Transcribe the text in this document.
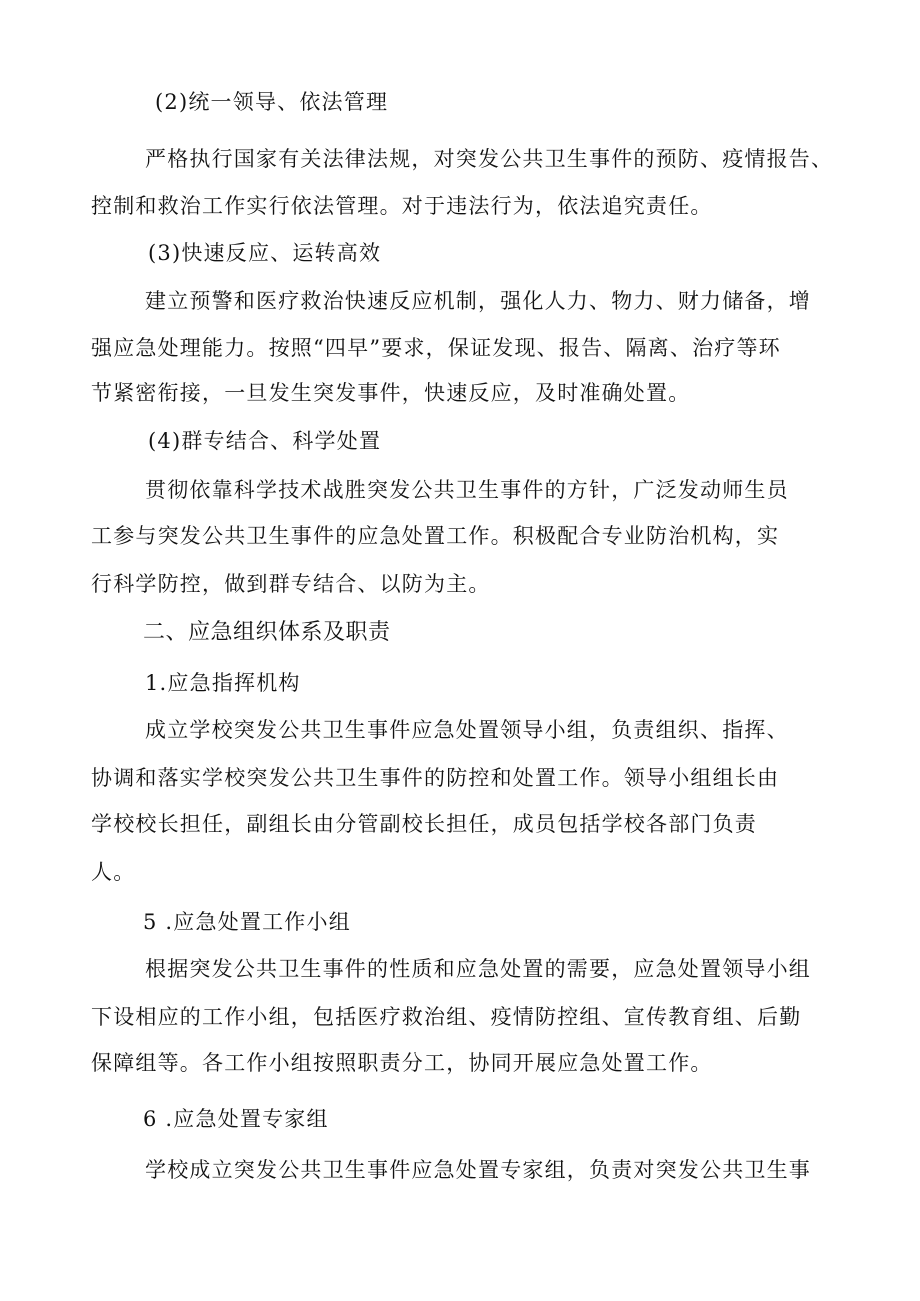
(2)统一领导、依法管理
严格执行国家有关法律法规，对突发公共卫生事件的预防、疫情报告、
控制和救治工作实行依法管理。对于违法行为，依法追究责任。
(3)快速反应、运转高效
建立预警和医疗救治快速反应机制，强化人力、物力、财力储备，增
强应急处理能力。按照“四早”要求，保证发现、报告、隔离、治疗等环
节紧密衔接，一旦发生突发事件，快速反应，及时准确处置。
(4)群专结合、科学处置
贯彻依靠科学技术战胜突发公共卫生事件的方针，广泛发动师生员
工参与突发公共卫生事件的应急处置工作。积极配合专业防治机构，实
行科学防控，做到群专结合、以防为主。
二、应急组织体系及职责
1.应急指挥机构
成立学校突发公共卫生事件应急处置领导小组，负责组织、指挥、
协调和落实学校突发公共卫生事件的防控和处置工作。领导小组组长由
学校校长担任，副组长由分管副校长担任，成员包括学校各部门负责
人。
5 .应急处置工作小组
根据突发公共卫生事件的性质和应急处置的需要，应急处置领导小组
下设相应的工作小组，包括医疗救治组、疫情防控组、宣传教育组、后勤
保障组等。各工作小组按照职责分工，协同开展应急处置工作。
6 .应急处置专家组
学校成立突发公共卫生事件应急处置专家组，负责对突发公共卫生事
